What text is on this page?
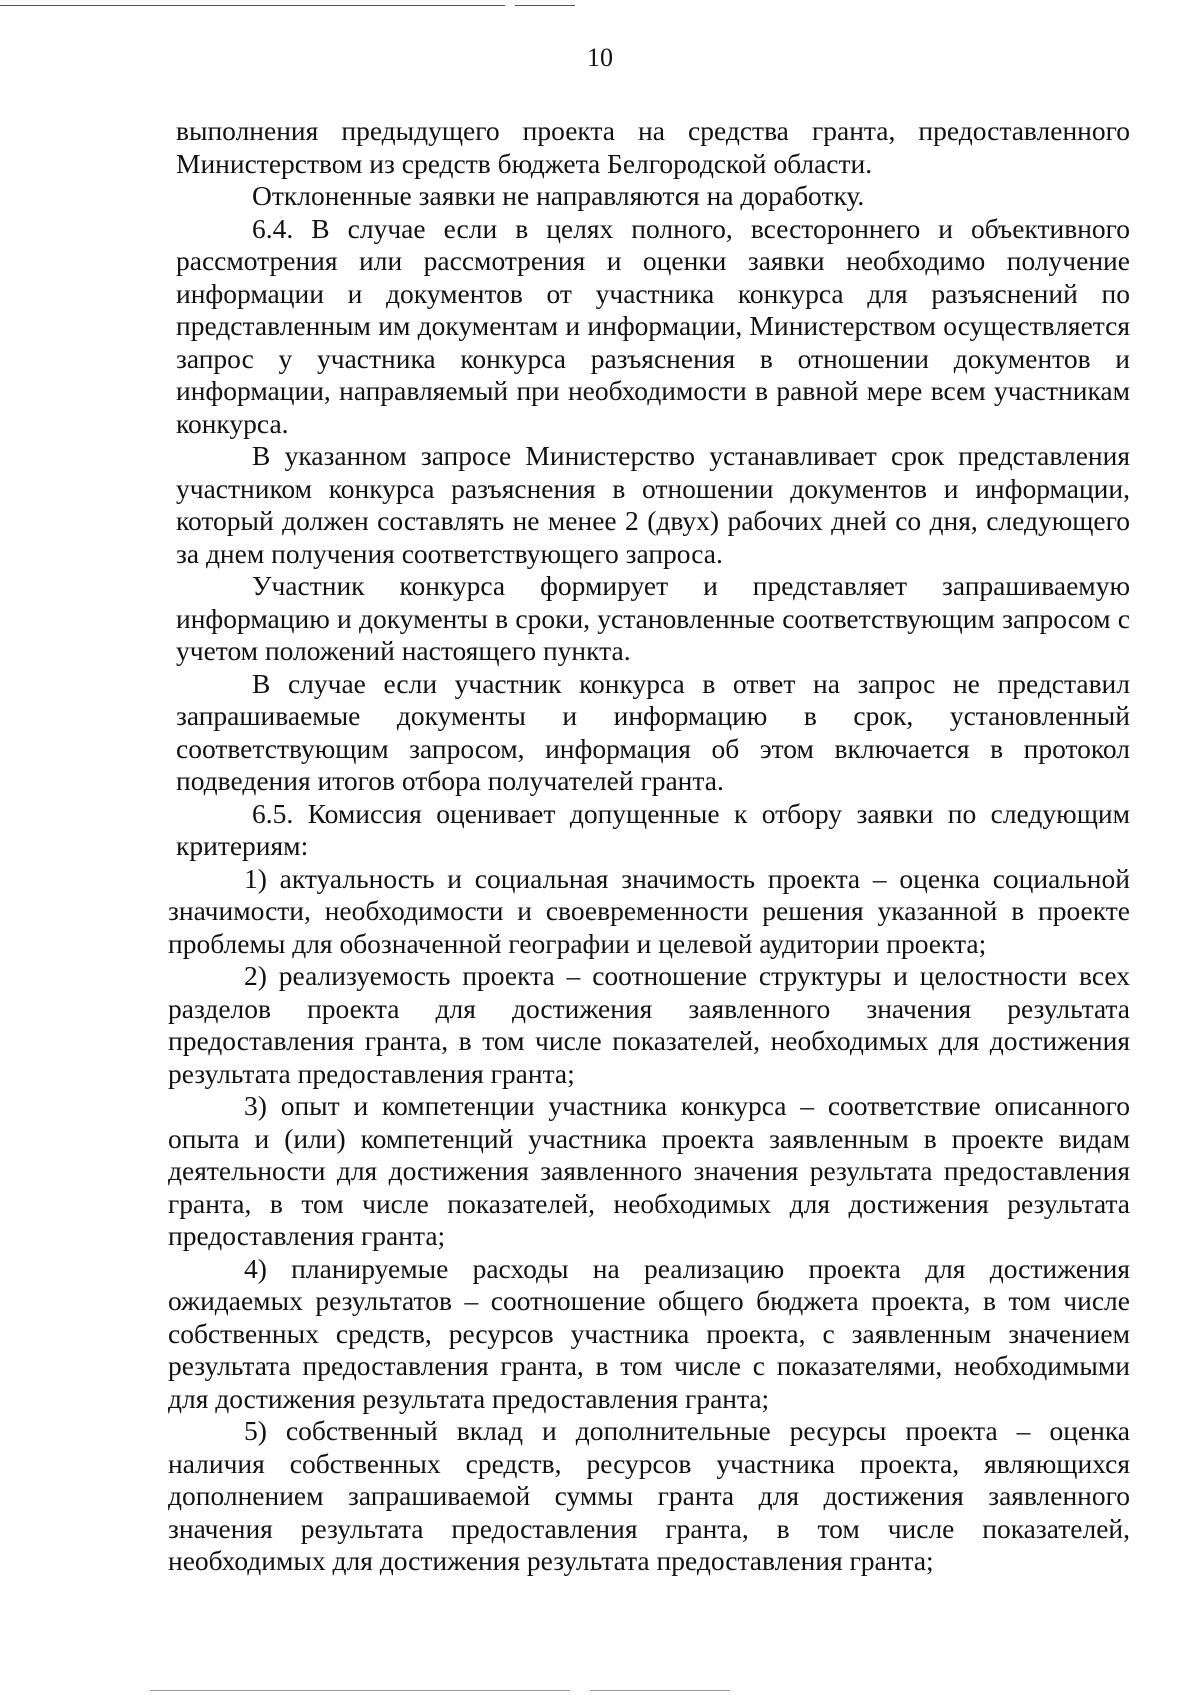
10

выполнения предыдущего проекта на средства гранта, предоставленного Министерством из средств бюджета Белгородской области.

Отклоненные заявки не направляются на доработку.

6.4. В случае если в целях полного, всестороннего и объективного рассмотрения или рассмотрения и оценки заявки необходимо получение информации и документов от участника конкурса для разъяснений по представленным им документам и информации, Министерством осуществляется запрос у участника конкурса разъяснения в отношении документов и информации, направляемый при необходимости в равной мере всем участникам конкурса.

В указанном запросе Министерство устанавливает срок представления участником конкурса разъяснения в отношении документов и информации, который должен составлять не менее 2 (двух) рабочих дней со дня, следующего за днем получения соответствующего запроса.

Участник конкурса формирует и представляет запрашиваемую информацию и документы в сроки, установленные соответствующим запросом с учетом положений настоящего пункта.

В случае если участник конкурса в ответ на запрос не представил запрашиваемые документы и информацию в срок, установленный соответствующим запросом, информация об этом включается в протокол подведения итогов отбора получателей гранта.

6.5. Комиссия оценивает допущенные к отбору заявки по следующим критериям:

1) актуальность и социальная значимость проекта – оценка социальной значимости, необходимости и своевременности решения указанной в проекте проблемы для обозначенной географии и целевой аудитории проекта;

2) реализуемость проекта – соотношение структуры и целостности всех разделов проекта для достижения заявленного значения результата предоставления гранта, в том числе показателей, необходимых для достижения результата предоставления гранта;

3) опыт и компетенции участника конкурса – соответствие описанного опыта и (или) компетенций участника проекта заявленным в проекте видам деятельности для достижения заявленного значения результата предоставления гранта, в том числе показателей, необходимых для достижения результата предоставления гранта;

4) планируемые расходы на реализацию проекта для достижения ожидаемых результатов – соотношение общего бюджета проекта, в том числе собственных средств, ресурсов участника проекта, с заявленным значением результата предоставления гранта, в том числе с показателями, необходимыми для достижения результата предоставления гранта;

5) собственный вклад и дополнительные ресурсы проекта – оценка наличия собственных средств, ресурсов участника проекта, являющихся дополнением запрашиваемой суммы гранта для достижения заявленного значения результата предоставления гранта, в том числе показателей, необходимых для достижения результата предоставления гранта;
